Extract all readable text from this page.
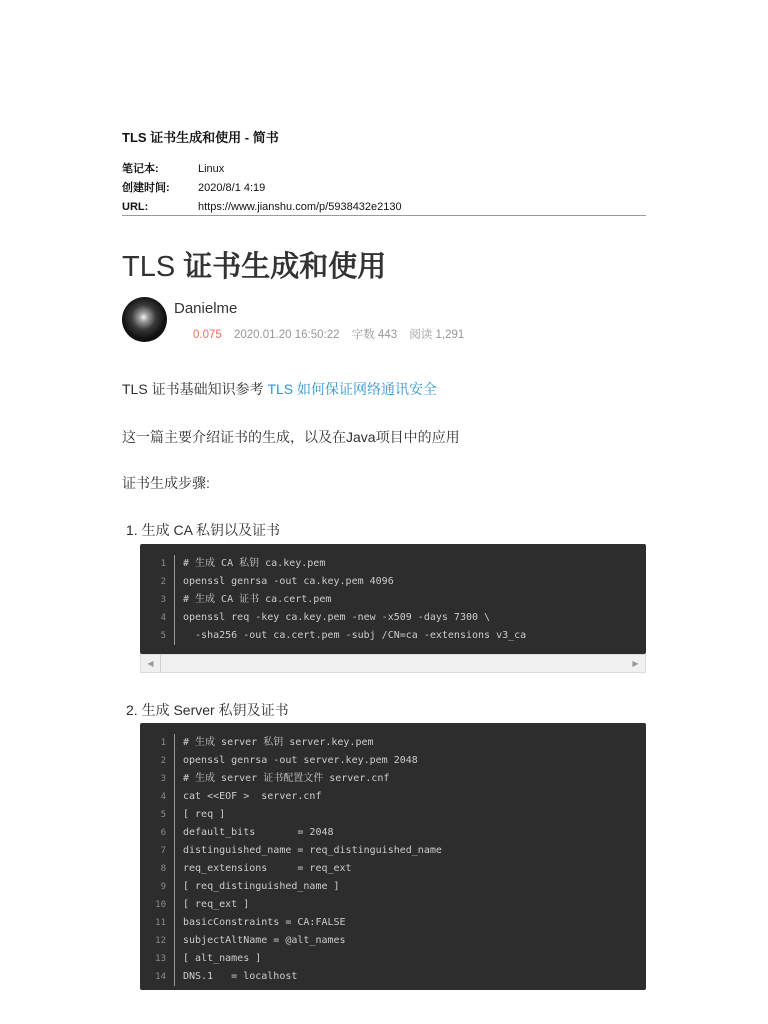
TLS 证书生成和使用 - 简书
笔记本:	Linux
创建时间:	2020/8/1 4:19
URL:	https://www.jianshu.com/p/5938432e2130
TLS 证书生成和使用
Danielme
0.075 2020.01.20 16:50:22 字数 443 阅读 1,291
TLS 证书基础知识参考 TLS 如何保证网络通讯安全
这一篇主要介绍证书的生成，以及在Java项目中的应用
证书生成步骤:
1. 生成 CA 私钥以及证书
1	# 生成 CA 私钥 ca.key.pem
2	openssl genrsa -out ca.key.pem 4096
3	# 生成 CA 证书 ca.cert.pem
4	openssl req -key ca.key.pem -new -x509 -days 7300 \
5	-sha256 -out ca.cert.pem -subj /CN=ca -extensions v3_ca
◀	▶
2. 生成 Server 私钥及证书
1	# 生成 server 私钥 server.key.pem
2	openssl genrsa -out server.key.pem 2048
3	# 生成 server 证书配置文件 server.cnf
4	cat <<EOF >  server.cnf
5	[ req ]
6	default_bits       = 2048
7	distinguished_name = req_distinguished_name
8	req_extensions     = req_ext
9	[ req_distinguished_name ]
10	[ req_ext ]
11	basicConstraints = CA:FALSE
12	subjectAltName = @alt_names
13	[ alt_names ]
14	DNS.1   = localhost
